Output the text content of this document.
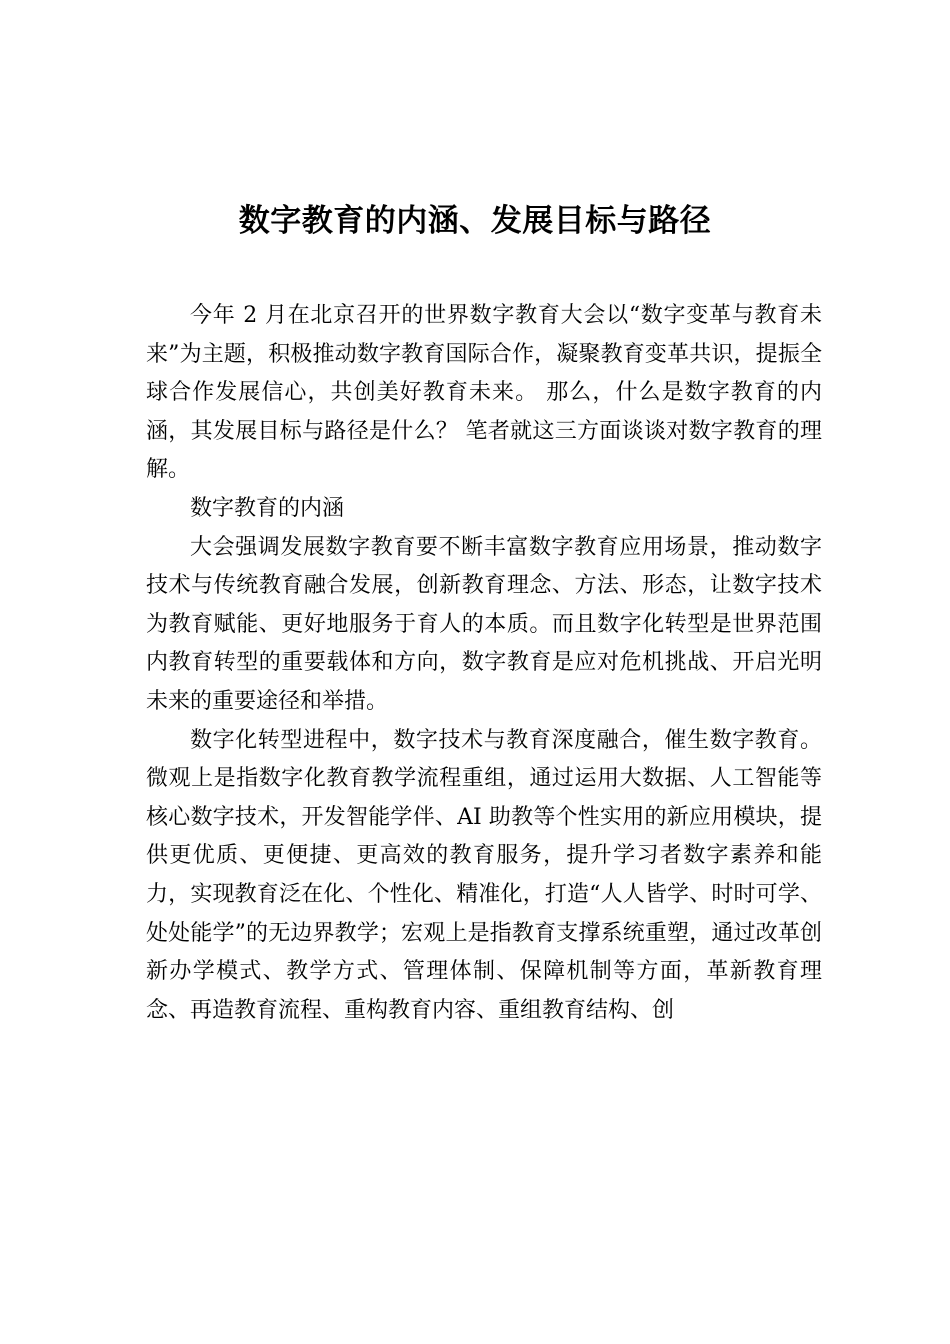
数字教育的内涵、发展目标与路径

今年 2 月在北京召开的世界数字教育大会以“数字变革与教育未来”为主题，积极推动数字教育国际合作，凝聚教育变革共识，提振全球合作发展信心，共创美好教育未来。 那么，什么是数字教育的内涵，其发展目标与路径是什么？ 笔者就这三方面谈谈对数字教育的理解。

数字教育的内涵

大会强调发展数字教育要不断丰富数字教育应用场景，推动数字技术与传统教育融合发展，创新教育理念、方法、形态，让数字技术为教育赋能、更好地服务于育人的本质。而且数字化转型是世界范围内教育转型的重要载体和方向，数字教育是应对危机挑战、开启光明未来的重要途径和举措。

数字化转型进程中，数字技术与教育深度融合，催生数字教育。微观上是指数字化教育教学流程重组，通过运用大数据、人工智能等核心数字技术，开发智能学伴、AI 助教等个性实用的新应用模块，提供更优质、更便捷、更高效的教育服务，提升学习者数字素养和能力，实现教育泛在化、个性化、精准化，打造“人人皆学、时时可学、处处能学”的无边界教学；宏观上是指教育支撑系统重塑，通过改革创新办学模式、教学方式、管理体制、保障机制等方面，革新教育理念、再造教育流程、重构教育内容、重组教育结构、创
